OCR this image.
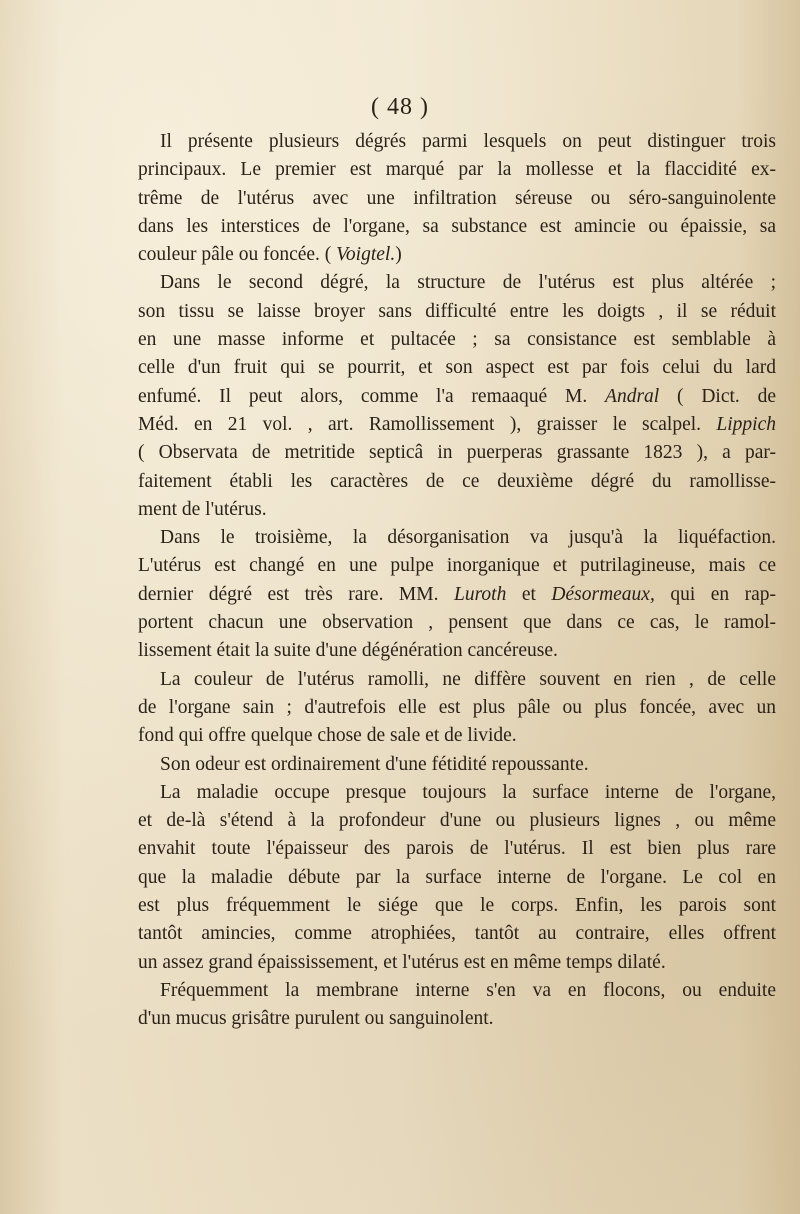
( 48 )
Il présente plusieurs dégrés parmi lesquels on peut distinguer trois
principaux. Le premier est marqué par la mollesse et la flaccidité ex-
trême de l'utérus avec une infiltration séreuse ou séro-sanguinolente
dans les interstices de l'organe, sa substance est amincie ou épaissie, sa
couleur pâle ou foncée. ( Voigtel.)
Dans le second dégré, la structure de l'utérus est plus altérée ;
son tissu se laisse broyer sans difficulté entre les doigts , il se réduit
en une masse informe et pultacée ; sa consistance est semblable à
celle d'un fruit qui se pourrit, et son aspect est par fois celui du lard
enfumé. Il peut alors, comme l'a remaaqué M. Andral ( Dict. de
Méd. en 21 vol. , art. Ramollissement ), graisser le scalpel. Lippich
( Observata de metritide septicâ in puerperas grassante 1823 ), a par-
faitement établi les caractères de ce deuxième dégré du ramollisse-
ment de l'utérus.
Dans le troisième, la désorganisation va jusqu'à la liquéfaction.
L'utérus est changé en une pulpe inorganique et putrilagineuse, mais ce
dernier dégré est très rare. MM. Luroth et Désormeaux, qui en rap-
portent chacun une observation , pensent que dans ce cas, le ramol-
lissement était la suite d'une dégénération cancéreuse.
La couleur de l'utérus ramolli, ne diffère souvent en rien , de celle
de l'organe sain ; d'autrefois elle est plus pâle ou plus foncée, avec un
fond qui offre quelque chose de sale et de livide.
Son odeur est ordinairement d'une fétidité repoussante.
La maladie occupe presque toujours la surface interne de l'organe,
et de-là s'étend à la profondeur d'une ou plusieurs lignes , ou même
envahit toute l'épaisseur des parois de l'utérus. Il est bien plus rare
que la maladie débute par la surface interne de l'organe. Le col en
est plus fréquemment le siége que le corps. Enfin, les parois sont
tantôt amincies, comme atrophiées, tantôt au contraire, elles offrent
un assez grand épaississement, et l'utérus est en même temps dilaté.
Fréquemment la membrane interne s'en va en flocons, ou enduite
d'un mucus grisâtre purulent ou sanguinolent.
